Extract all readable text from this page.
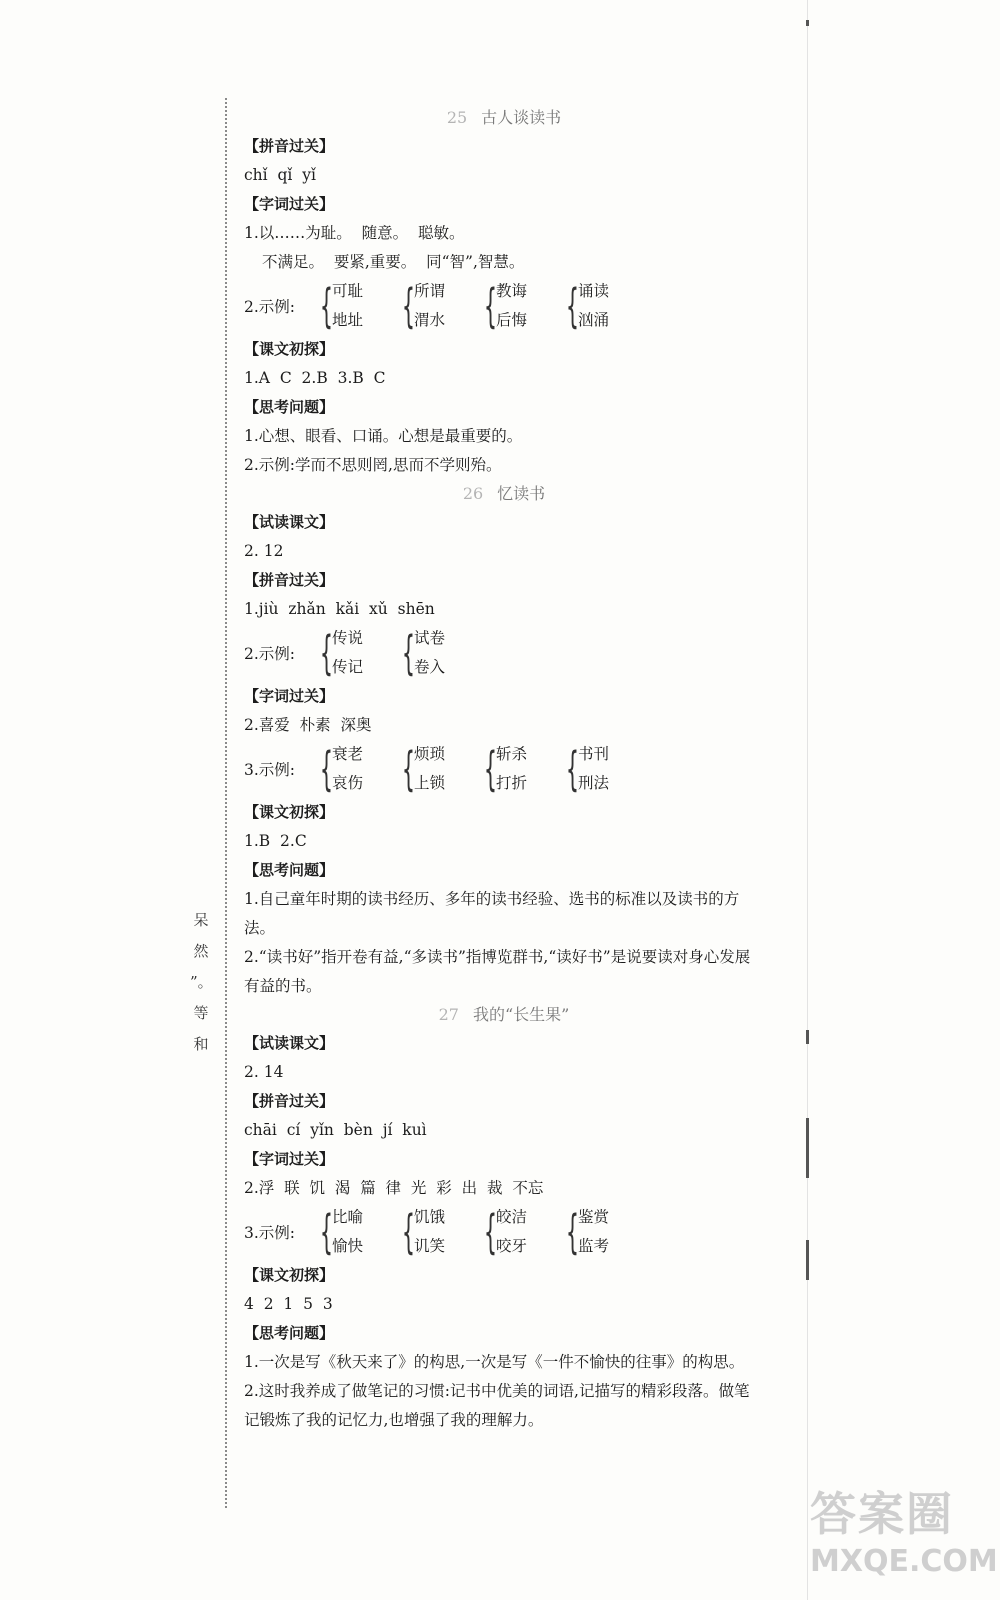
呆
然
”。
等
和
25 古人谈读书
【拼音过关】
chǐ  qǐ  yǐ
【字词过关】
1.以……为耻。  随意。  聪敏。
不满足。  要紧,重要。  同“智”,智慧。
2.示例: {
可耻
地址 {
所谓
渭水 {
教诲
后悔 {
诵读
汹涌
【课文初探】
1.A  C  2.B  3.B  C
【思考问题】
1.心想、眼看、口诵。心想是最重要的。
2.示例:学而不思则罔,思而不学则殆。
26 忆读书
【试读课文】
2. 12
【拼音过关】
1.jiù  zhǎn  kǎi  xǔ  shēn
2.示例: {
传说
传记 {
试卷
卷入
【字词过关】
2.喜爱  朴素  深奥
3.示例: {
衰老
哀伤 {
烦琐
上锁 {
斩杀
打折 {
书刊
刑法
【课文初探】
1.B  2.C
【思考问题】
1.自己童年时期的读书经历、多年的读书经验、选书的标准以及读书的方法。
2.“读书好”指开卷有益,“多读书”指博览群书,“读好书”是说要读对身心发展有益的书。
27 我的“长生果”
【试读课文】
2. 14
【拼音过关】
chāi  cí  yǐn  bèn  jí  kuì
【字词过关】
2.浮  联  饥  渴  篇  律  光  彩  出  裁  不忘
3.示例: {
比喻
愉快 {
饥饿
讥笑 {
皎洁
咬牙 {
鉴赏
监考
【课文初探】
4  2  1  5  3
【思考问题】
1.一次是写《秋天来了》的构思,一次是写《一件不愉快的往事》的构思。
2.这时我养成了做笔记的习惯:记书中优美的词语,记描写的精彩段落。做笔记锻炼了我的记忆力,也增强了我的理解力。
答案圈
MXQE.COM
